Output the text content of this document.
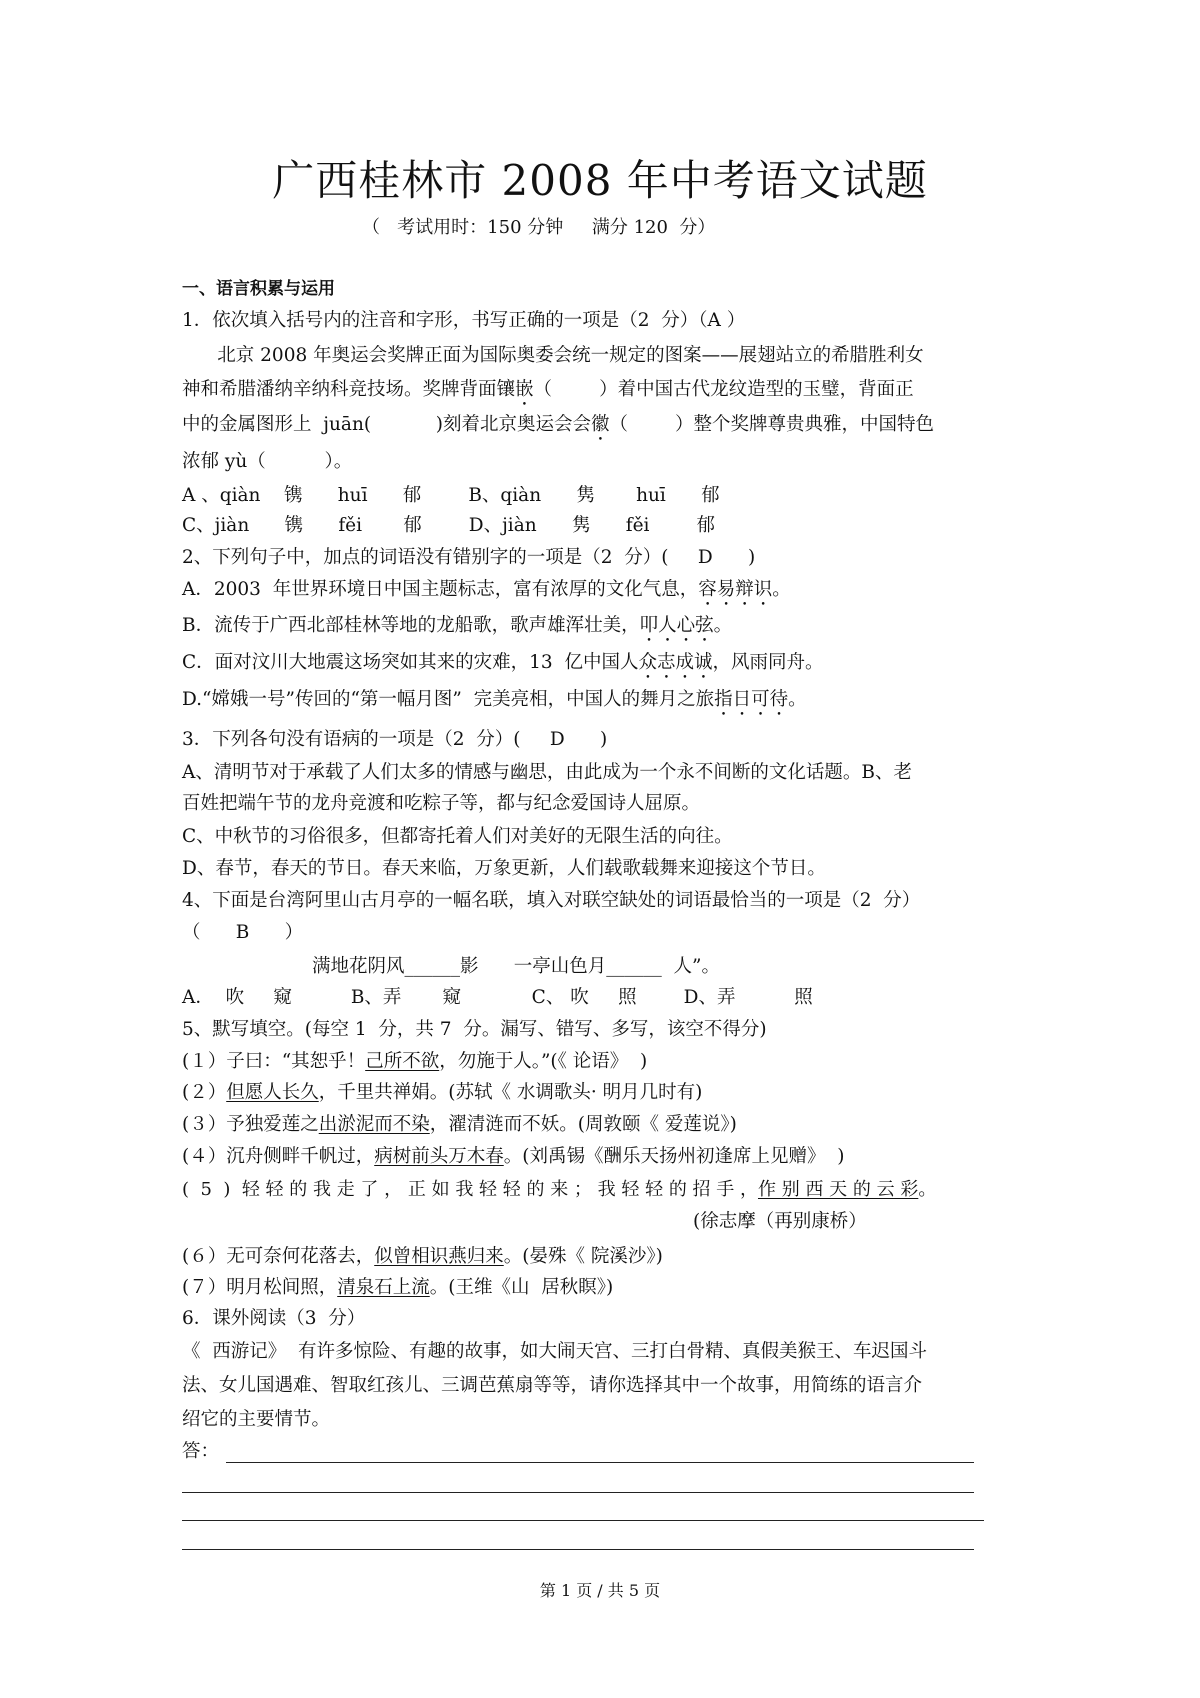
广西桂林市 2008 年中考语文试题
（   考试用时：150 分钟     满分 120  分）
一、语言积累与运用
1．依次填入括号内的注音和字形，书写正确的一项是（2  分）（A ）
北京 2008 年奥运会奖牌正面为国际奥委会统一规定的图案——展翅站立的希腊胜利女
神和希腊潘纳辛纳科竞技场。奖牌背面镶嵌（        ）着中国古代龙纹造型的玉璧，背面正
中的金属图形上  juān(           )刻着北京奥运会会徽（        ）整个奖牌尊贵典雅，中国特色
浓郁 yù（          ）。
A 、qiàn    镌      huī      郁        B、qiàn      隽       huī      郁
C、jiàn      镌      fěi       郁        D、jiàn      隽      fěi        郁
2、下列句子中，加点的词语没有错别字的一项是（2  分）(     D      )
A．2003  年世界环境日中国主题标志，富有浓厚的文化气息，容易辩识。
B．流传于广西北部桂林等地的龙船歌，歌声雄浑壮美，叩人心弦。
C．面对汶川大地震这场突如其来的灾难，13  亿中国人众志成诚，风雨同舟。
D.“嫦娥一号”传回的“第一幅月图”  完美亮相，中国人的舞月之旅指日可待。
3．下列各句没有语病的一项是（2  分）(     D      )
A、清明节对于承载了人们太多的情感与幽思，由此成为一个永不间断的文化话题。B、老
百姓把端午节的龙舟竞渡和吃粽子等，都与纪念爱国诗人屈原。
C、中秋节的习俗很多，但都寄托着人们对美好的无限生活的向往。
D、春节，春天的节日。春天来临，万象更新，人们载歌载舞来迎接这个节日。
4、下面是台湾阿里山古月亭的一幅名联，填入对联空缺处的词语最恰当的一项是（2  分）
（      B      ）
满地花阴风______影      一亭山色月______  人”。
A．  吹     窥          B、弄       窥            C、 吹     照        D、弄          照
5、默写填空。(每空 1  分，共 7  分。漏写、错写、多写，该空不得分)
(１）子曰：“其恕乎！己所不欲，勿施于人。”(《 论语》  )
(２）但愿人长久，千里共禅娟。(苏轼《 水调歌头· 明月几时有)
(３）予独爱莲之出淤泥而不染，濯清涟而不妖。(周敦颐《 爱莲说》)
(４）沉舟侧畔千帆过，病树前头万木春。(刘禹锡《酬乐天扬州初逢席上见赠》  )
(  5  )  轻 轻 的 我 走 了 ， 正 如 我 轻 轻 的 来 ； 我 轻 轻 的 招 手 ，作 别 西 天 的 云 彩。
(徐志摩（再别康桥）
(６）无可奈何花落去，似曾相识燕归来。(晏殊《 院溪沙》)
(７）明月松间照，清泉石上流。(王维《山  居秋瞑》)
6．课外阅读（3  分）
《  西游记》  有许多惊险、有趣的故事，如大闹天宫、三打白骨精、真假美猴王、车迟国斗
法、女儿国遇难、智取红孩儿、三调芭蕉扇等等，请你选择其中一个故事，用简练的语言介
绍它的主要情节。
答：
第 1 页 / 共 5 页
